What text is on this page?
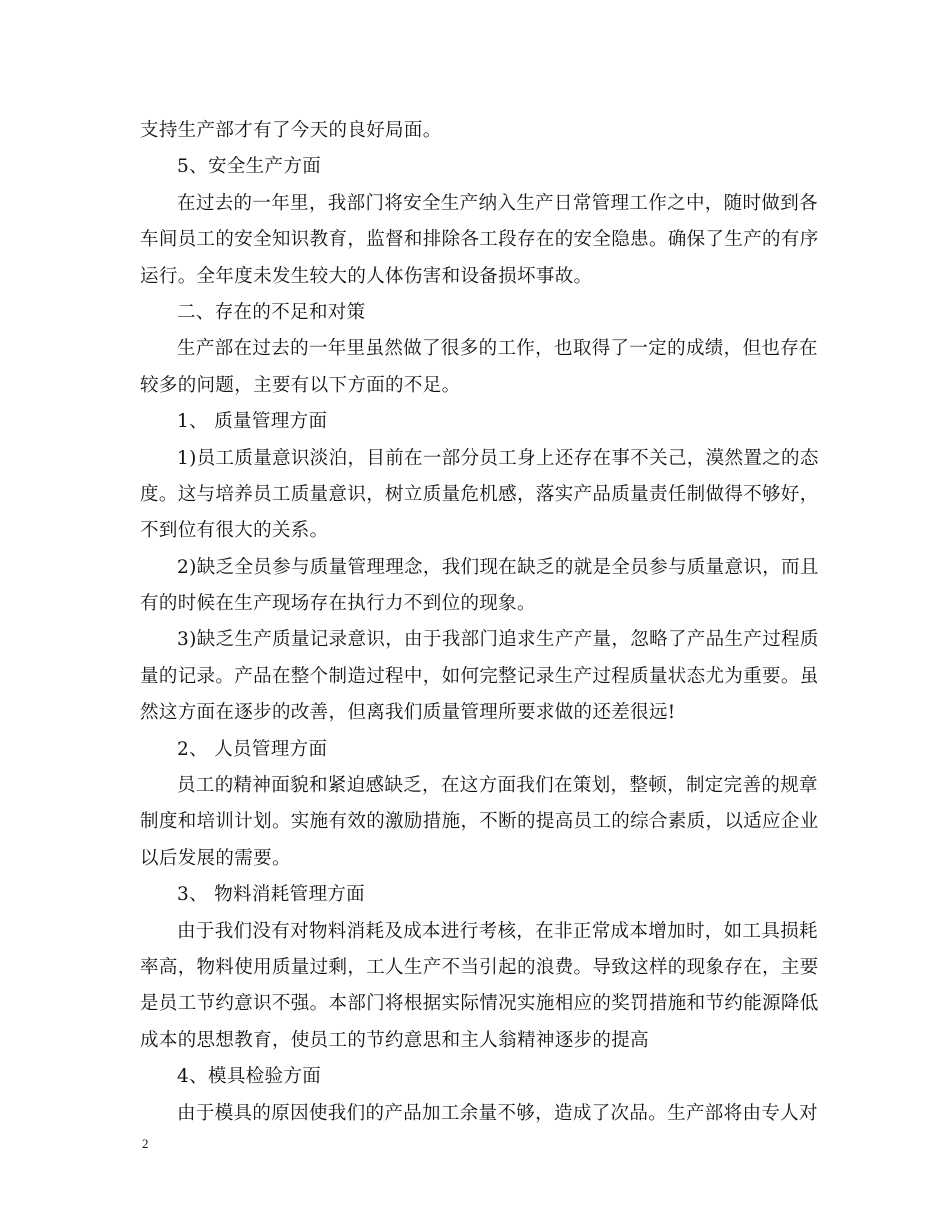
支持生产部才有了今天的良好局面。
5、安全生产方面
在过去的一年里，我部门将安全生产纳入生产日常管理工作之中，随时做到各
车间员工的安全知识教育，监督和排除各工段存在的安全隐患。确保了生产的有序
运行。全年度未发生较大的人体伤害和设备损坏事故。
二、存在的不足和对策
生产部在过去的一年里虽然做了很多的工作，也取得了一定的成绩，但也存在
较多的问题，主要有以下方面的不足。
1、 质量管理方面
1)员工质量意识淡泊，目前在一部分员工身上还存在事不关己，漠然置之的态
度。这与培养员工质量意识，树立质量危机感，落实产品质量责任制做得不够好，
不到位有很大的关系。
2)缺乏全员参与质量管理理念，我们现在缺乏的就是全员参与质量意识，而且
有的时候在生产现场存在执行力不到位的现象。
3)缺乏生产质量记录意识，由于我部门追求生产产量，忽略了产品生产过程质
量的记录。产品在整个制造过程中，如何完整记录生产过程质量状态尤为重要。虽
然这方面在逐步的改善，但离我们质量管理所要求做的还差很远!
2、 人员管理方面
员工的精神面貌和紧迫感缺乏，在这方面我们在策划，整顿，制定完善的规章
制度和培训计划。实施有效的激励措施，不断的提高员工的综合素质，以适应企业
以后发展的需要。
3、 物料消耗管理方面
由于我们没有对物料消耗及成本进行考核，在非正常成本增加时，如工具损耗
率高，物料使用质量过剩，工人生产不当引起的浪费。导致这样的现象存在，主要
是员工节约意识不强。本部门将根据实际情况实施相应的奖罚措施和节约能源降低
成本的思想教育，使员工的节约意思和主人翁精神逐步的提高
4、模具检验方面
由于模具的原因使我们的产品加工余量不够，造成了次品。生产部将由专人对
2
